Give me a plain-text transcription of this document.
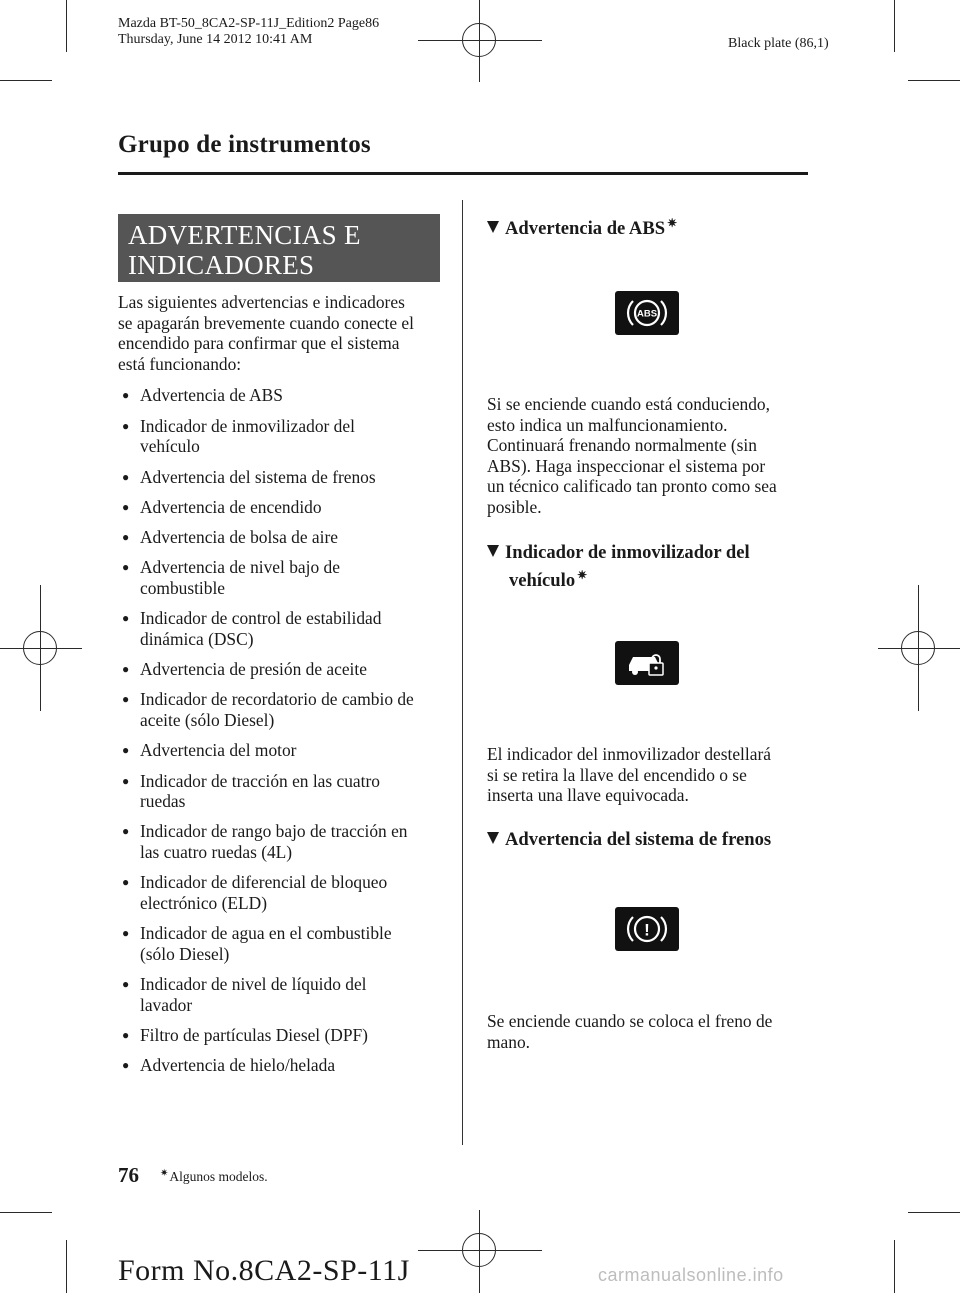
Mazda BT-50_8CA2-SP-11J_Edition2 Page86
Thursday, June 14 2012 10:41 AM	Black plate (86,1)
Grupo de instrumentos
ADVERTENCIAS E
INDICADORES

Las siguientes advertencias e indicadores
se apagarán brevemente cuando conecte el
encendido para confirmar que el sistema
está funcionando:

● Advertencia de ABS
● Indicador de inmovilizador del
vehículo
● Advertencia del sistema de frenos
● Advertencia de encendido
● Advertencia de bolsa de aire
● Advertencia de nivel bajo de
combustible
● Indicador de control de estabilidad
dinámica (DSC)
● Advertencia de presión de aceite
● Indicador de recordatorio de cambio de
aceite (sólo Diesel)
● Advertencia del motor
● Indicador de tracción en las cuatro
ruedas
● Indicador de rango bajo de tracción en
las cuatro ruedas (4L)
● Indicador de diferencial de bloqueo
electrónico (ELD)
● Indicador de agua en el combustible
(sólo Diesel)
● Indicador de nivel de líquido del
lavador
● Filtro de partículas Diesel (DPF)
● Advertencia de hielo/helada
Advertencia de ABS ✷
ABS
Si se enciende cuando está conduciendo,
esto indica un malfuncionamiento.
Continuará frenando normalmente (sin
ABS). Haga inspeccionar el sistema por
un técnico calificado tan pronto como sea
posible.
Indicador de inmovilizador del
vehículo ✷
El indicador del inmovilizador destellará
si se retira la llave del encendido o se
inserta una llave equivocada.
Advertencia del sistema de frenos
!
Se enciende cuando se coloca el freno de
mano.
76 ✷Algunos modelos.
Form No.8CA2-SP-11J	carmanualsonline.info
